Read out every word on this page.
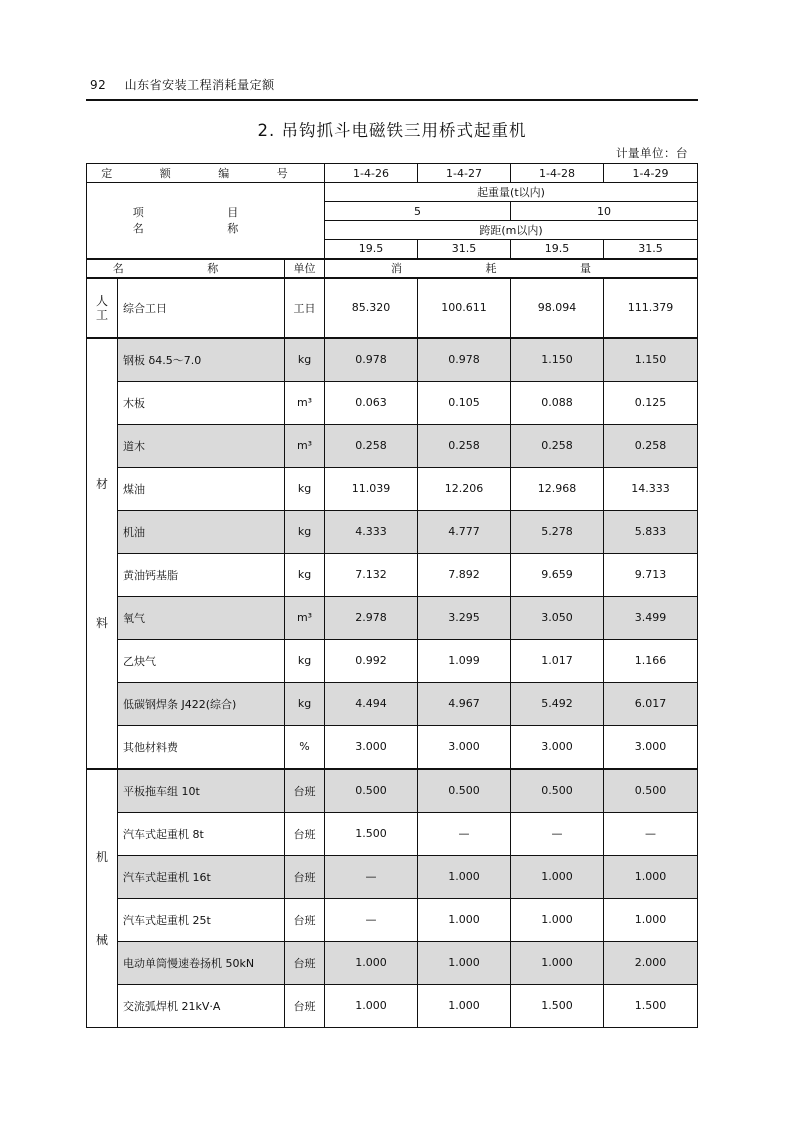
92 山东省安装工程消耗量定额
2. 吊钩抓斗电磁铁三用桥式起重机
计量单位：台
定 额 编 号			1-4-26	1-4-27	1-4-28	1-4-29
项 目 名 称			起重量(t以内)			
			5		10	
			跨距(m以内)			
			19.5	31.5	19.5	31.5
名 称		单位	消 耗 量			
人工	综合工日	工日	85.320	100.611	98.094	111.379

材
料	钢板 δ4.5～7.0	kg	0.978	0.978	1.150	1.150
	木板	m³	0.063	0.105	0.088	0.125
	道木	m³	0.258	0.258	0.258	0.258
	煤油	kg	11.039	12.206	12.968	14.333
	机油	kg	4.333	4.777	5.278	5.833
	黄油钙基脂	kg	7.132	7.892	9.659	9.713
	氧气	m³	2.978	3.295	3.050	3.499
	乙炔气	kg	0.992	1.099	1.017	1.166
	低碳钢焊条 J422(综合)	kg	4.494	4.967	5.492	6.017
	其他材料费	%	3.000	3.000	3.000	3.000

机
械	平板拖车组 10t	台班	0.500	0.500	0.500	0.500
	汽车式起重机 8t	台班	1.500	—	—	—
	汽车式起重机 16t	台班	—	1.000	1.000	1.000
	汽车式起重机 25t	台班	—	1.000	1.000	1.000
	电动单筒慢速卷扬机 50kN	台班	1.000	1.000	1.000	2.000
	交流弧焊机 21kV·A	台班	1.000	1.000	1.500	1.500
